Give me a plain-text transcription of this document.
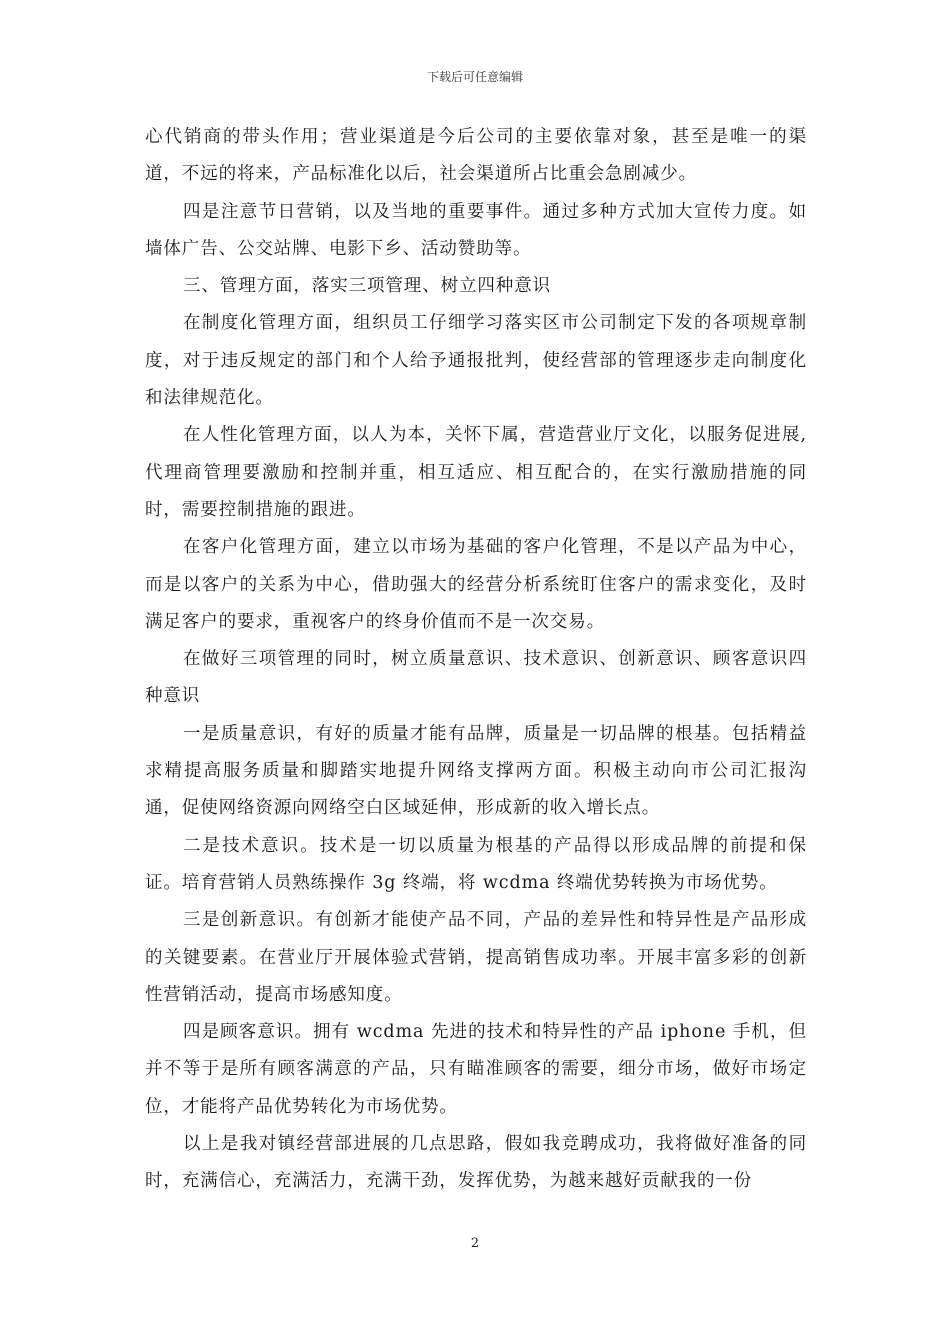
下载后可任意编辑

心代销商的带头作用；营业渠道是今后公司的主要依靠对象，甚至是唯一的渠道，不远的将来，产品标准化以后，社会渠道所占比重会急剧减少。

四是注意节日营销，以及当地的重要事件。通过多种方式加大宣传力度。如墙体广告、公交站牌、电影下乡、活动赞助等。

三、管理方面，落实三项管理、树立四种意识

在制度化管理方面，组织员工仔细学习落实区市公司制定下发的各项规章制度，对于违反规定的部门和个人给予通报批判，使经营部的管理逐步走向制度化和法律规范化。

在人性化管理方面，以人为本，关怀下属，营造营业厅文化，以服务促进展,代理商管理要激励和控制并重，相互适应、相互配合的，在实行激励措施的同时，需要控制措施的跟进。

在客户化管理方面，建立以市场为基础的客户化管理，不是以产品为中心，而是以客户的关系为中心，借助强大的经营分析系统盯住客户的需求变化，及时满足客户的要求，重视客户的终身价值而不是一次交易。

在做好三项管理的同时，树立质量意识、技术意识、创新意识、顾客意识四种意识

一是质量意识，有好的质量才能有品牌，质量是一切品牌的根基。包括精益求精提高服务质量和脚踏实地提升网络支撑两方面。积极主动向市公司汇报沟通，促使网络资源向网络空白区域延伸，形成新的收入增长点。

二是技术意识。技术是一切以质量为根基的产品得以形成品牌的前提和保证。培育营销人员熟练操作 3g 终端，将 wcdma 终端优势转换为市场优势。

三是创新意识。有创新才能使产品不同，产品的差异性和特异性是产品形成的关键要素。在营业厅开展体验式营销，提高销售成功率。开展丰富多彩的创新性营销活动，提高市场感知度。

四是顾客意识。拥有 wcdma 先进的技术和特异性的产品 iphone 手机，但并不等于是所有顾客满意的产品，只有瞄准顾客的需要，细分市场，做好市场定位，才能将产品优势转化为市场优势。

以上是我对镇经营部进展的几点思路，假如我竞聘成功，我将做好准备的同时，充满信心，充满活力，充满干劲，发挥优势，为越来越好贡献我的一份

2
